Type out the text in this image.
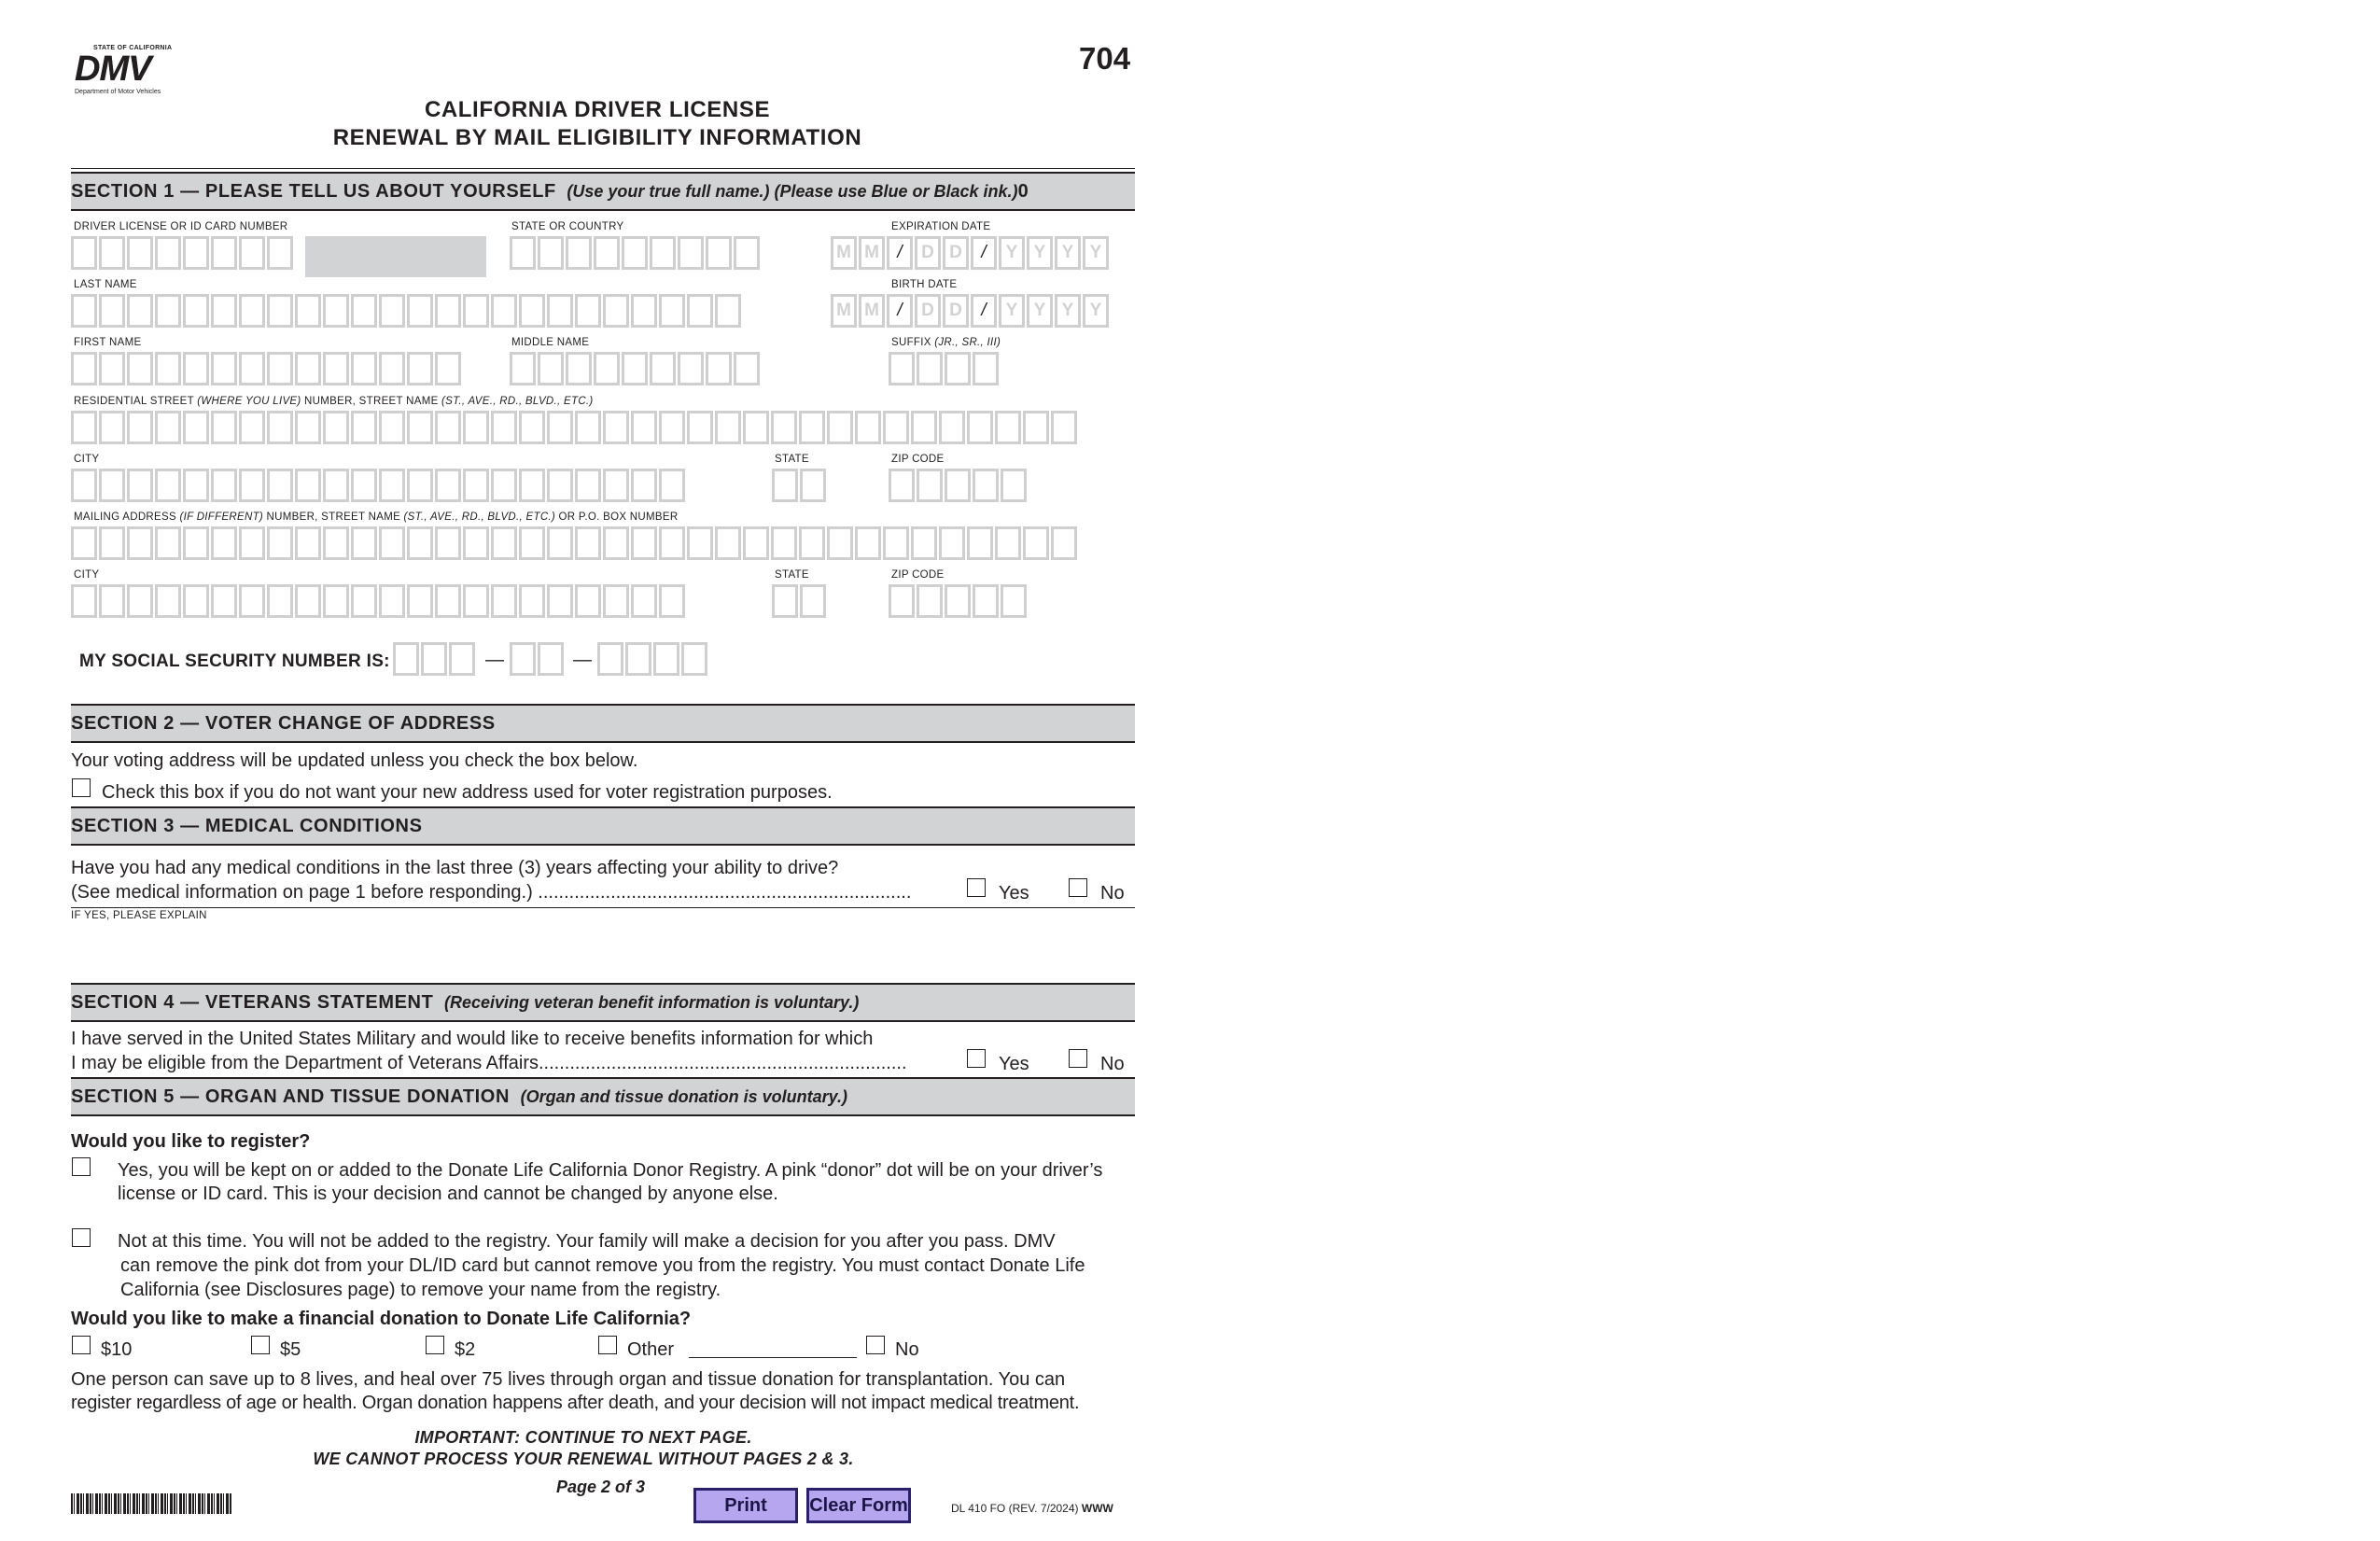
STATE OF CALIFORNIA
DMV
Department of Motor Vehicles
704
CALIFORNIA DRIVER LICENSE
RENEWAL BY MAIL ELIGIBILITY INFORMATION
SECTION 1 — PLEASE TELL US ABOUT YOURSELF (Use your true full name.) (Please use Blue or Black ink.)0
DRIVER LICENSE OR ID CARD NUMBER	STATE OR COUNTRY	EXPIRATION DATE
M M	/	D D	/	Y Y Y Y
LAST NAME	BIRTH DATE
M M	/	D D	/	Y Y Y Y
FIRST NAME	MIDDLE NAME	SUFFIX (JR., SR., III)
RESIDENTIAL STREET (WHERE YOU LIVE) NUMBER, STREET NAME (ST., AVE., RD., BLVD., ETC.)
CITY	STATE	ZIP CODE
MAILING ADDRESS (IF DIFFERENT) NUMBER, STREET NAME (ST., AVE., RD., BLVD., ETC.) OR P.O. BOX NUMBER
CITY	STATE	ZIP CODE
MY SOCIAL SECURITY NUMBER IS:	—	—
SECTION 2 — VOTER CHANGE OF ADDRESS
Your voting address will be updated unless you check the box below.
Check this box if you do not want your new address used for voter registration purposes.
SECTION 3 — MEDICAL CONDITIONS
Have you had any medical conditions in the last three (3) years affecting your ability to drive?
(See medical information on page 1 before responding.) ........................................................................	Yes	No
IF YES, PLEASE EXPLAIN
SECTION 4 — VETERANS STATEMENT (Receiving veteran benefit information is voluntary.)
I have served in the United States Military and would like to receive benefits information for which
I may be eligible from the Department of Veterans Affairs.......................................................................	Yes	No
SECTION 5 — ORGAN AND TISSUE DONATION (Organ and tissue donation is voluntary.)
Would you like to register?
Yes, you will be kept on or added to the Donate Life California Donor Registry. A pink “donor” dot will be on your driver’s
license or ID card. This is your decision and cannot be changed by anyone else.
Not at this time. You will not be added to the registry. Your family will make a decision for you after you pass. DMV
can remove the pink dot from your DL/ID card but cannot remove you from the registry. You must contact Donate Life
California (see Disclosures page) to remove your name from the registry.
Would you like to make a financial donation to Donate Life California?
$10	$5	$2	Other	No
One person can save up to 8 lives, and heal over 75 lives through organ and tissue donation for transplantation. You can
register regardless of age or health. Organ donation happens after death, and your decision will not impact medical treatment.
IMPORTANT: CONTINUE TO NEXT PAGE.
WE CANNOT PROCESS YOUR RENEWAL WITHOUT PAGES 2 & 3.
Page 2 of 3
Print	Clear Form	DL 410 FO (REV. 7/2024) WWW
